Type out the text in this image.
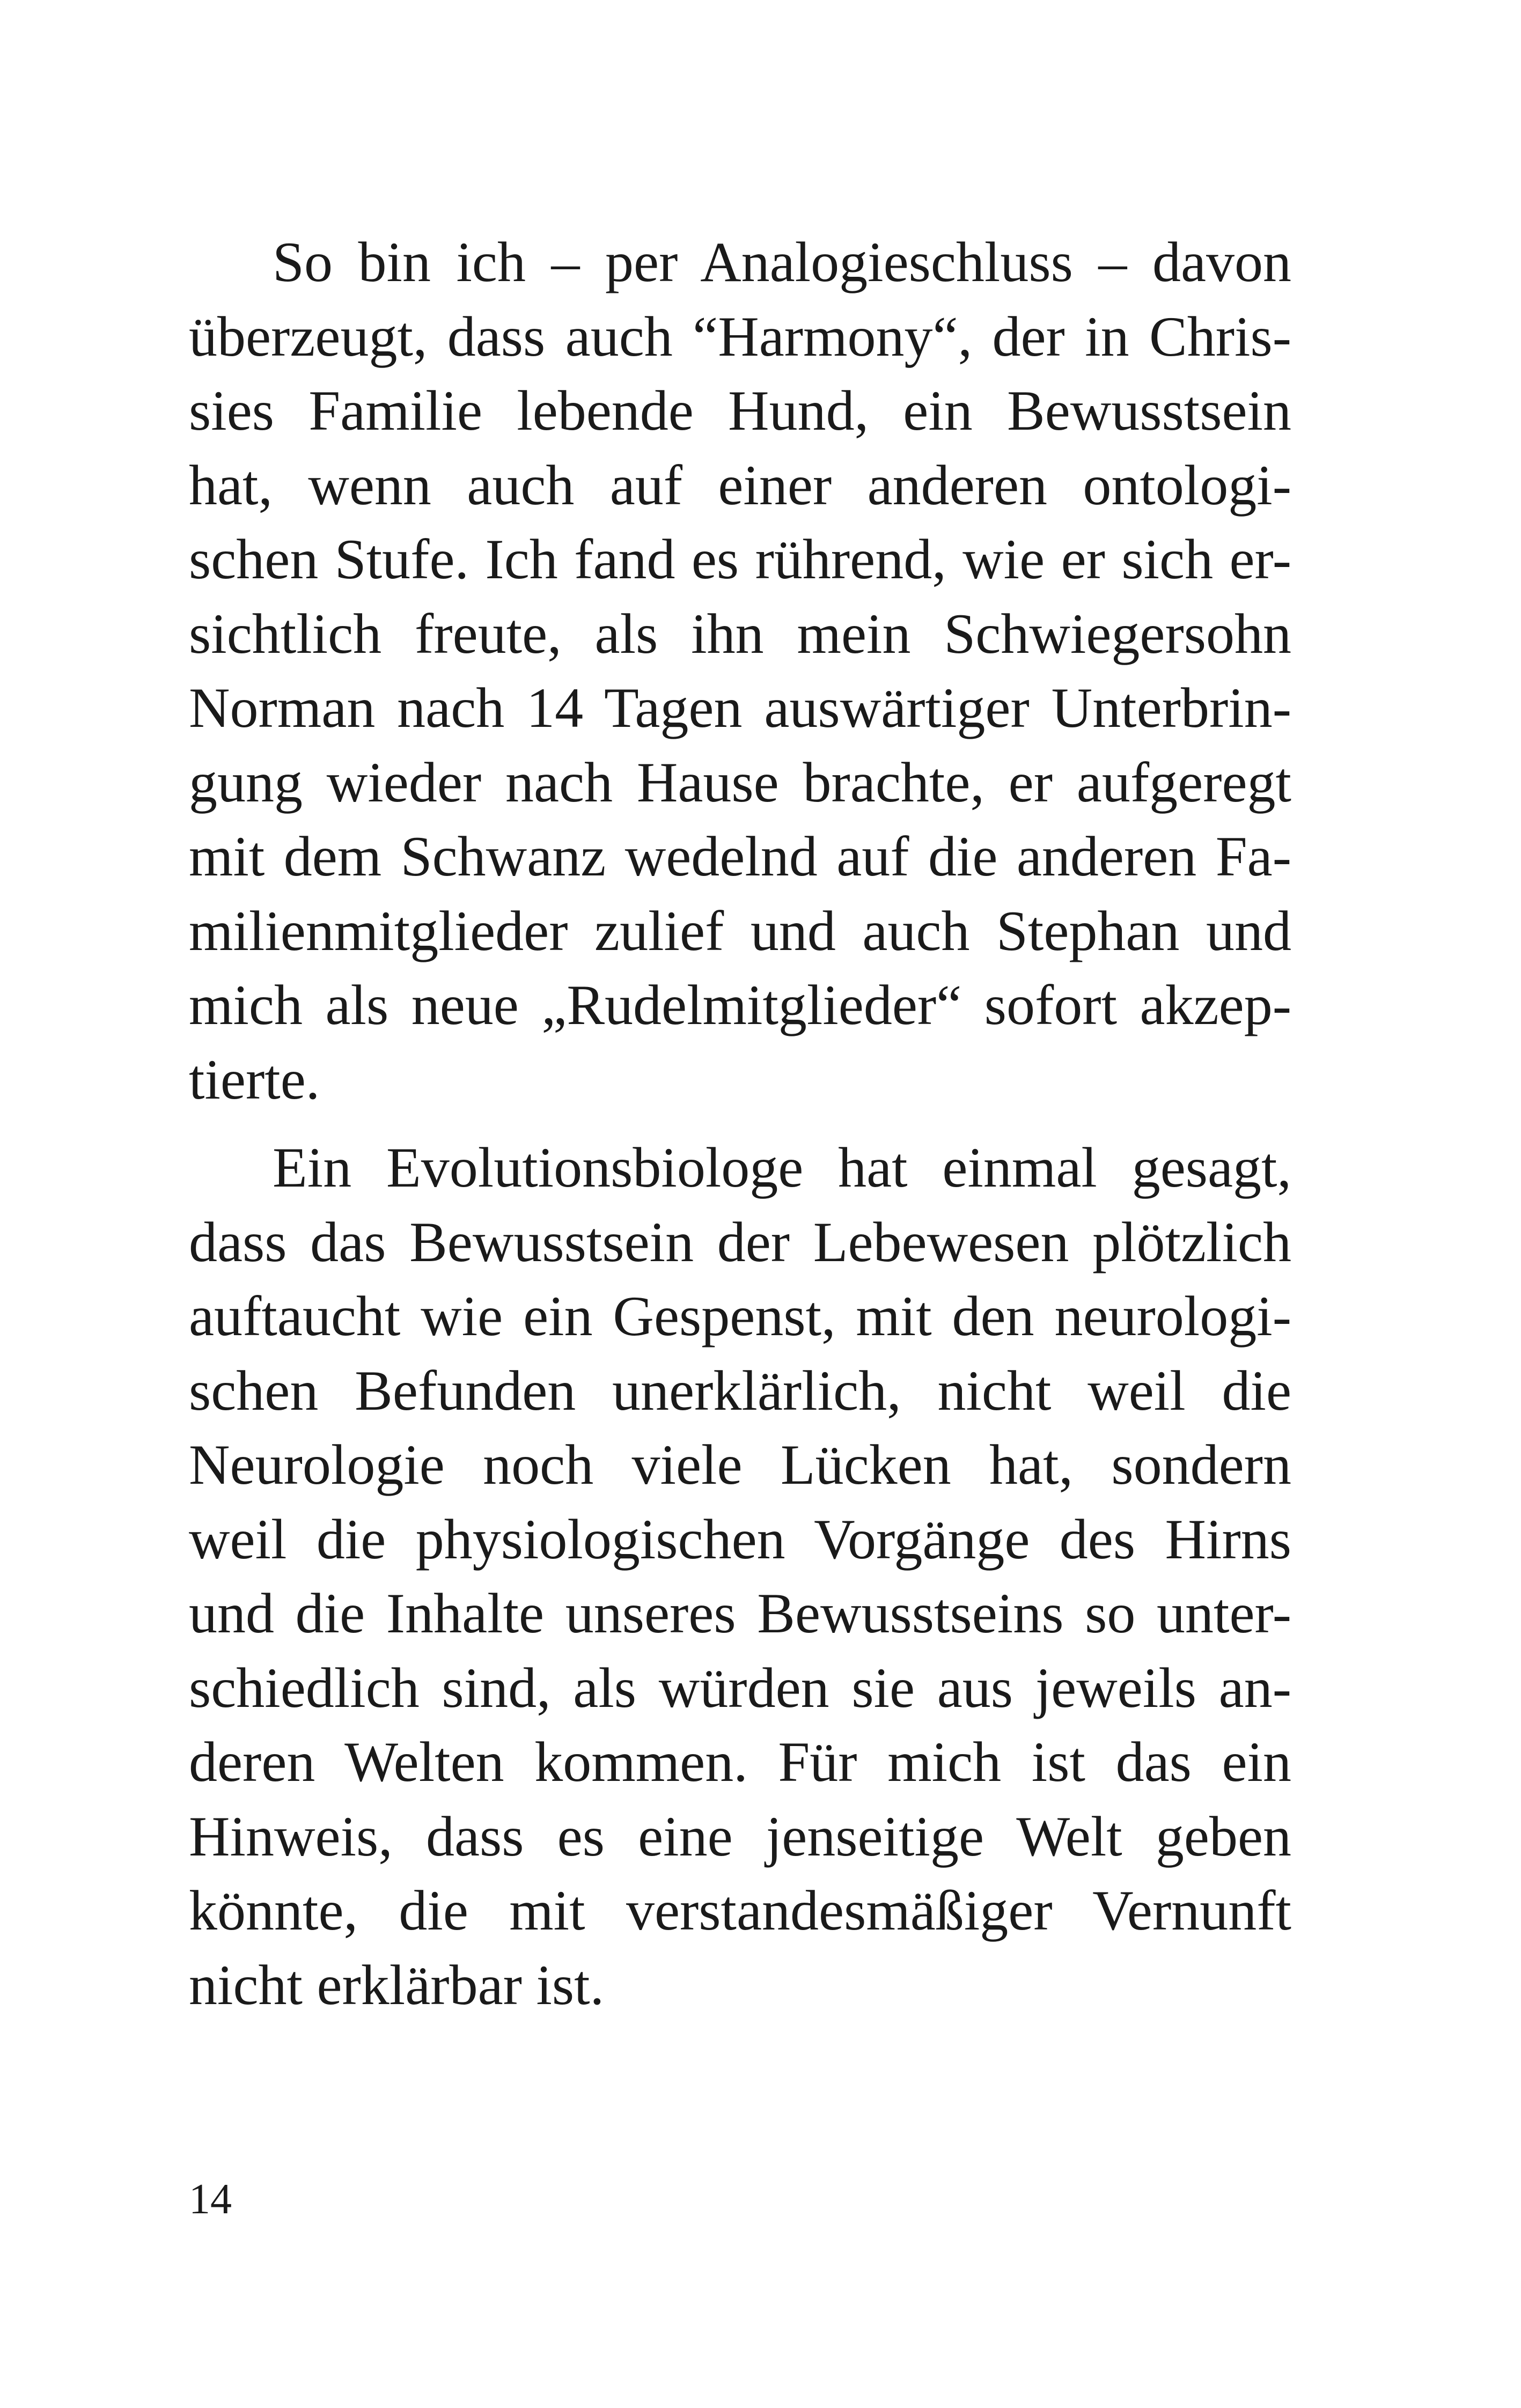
So bin ich – per Analogieschluss – davon
überzeugt, dass auch “Harmony“, der in Chris-
sies Familie lebende Hund, ein Bewusstsein
hat, wenn auch auf einer anderen ontologi-
schen Stufe. Ich fand es rührend, wie er sich er-
sichtlich freute, als ihn mein Schwiegersohn
Norman nach 14 Tagen auswärtiger Unterbrin-
gung wieder nach Hause brachte, er aufgeregt
mit dem Schwanz wedelnd auf die anderen Fa-
milienmitglieder zulief und auch Stephan und
mich als neue „Rudelmitglieder“ sofort akzep-
tierte.

Ein Evolutionsbiologe hat einmal gesagt,
dass das Bewusstsein der Lebewesen plötzlich
auftaucht wie ein Gespenst, mit den neurologi-
schen Befunden unerklärlich, nicht weil die
Neurologie noch viele Lücken hat, sondern
weil die physiologischen Vorgänge des Hirns
und die Inhalte unseres Bewusstseins so unter-
schiedlich sind, als würden sie aus jeweils an-
deren Welten kommen. Für mich ist das ein
Hinweis, dass es eine jenseitige Welt geben
könnte, die mit verstandesmäßiger Vernunft
nicht erklärbar ist.

14
